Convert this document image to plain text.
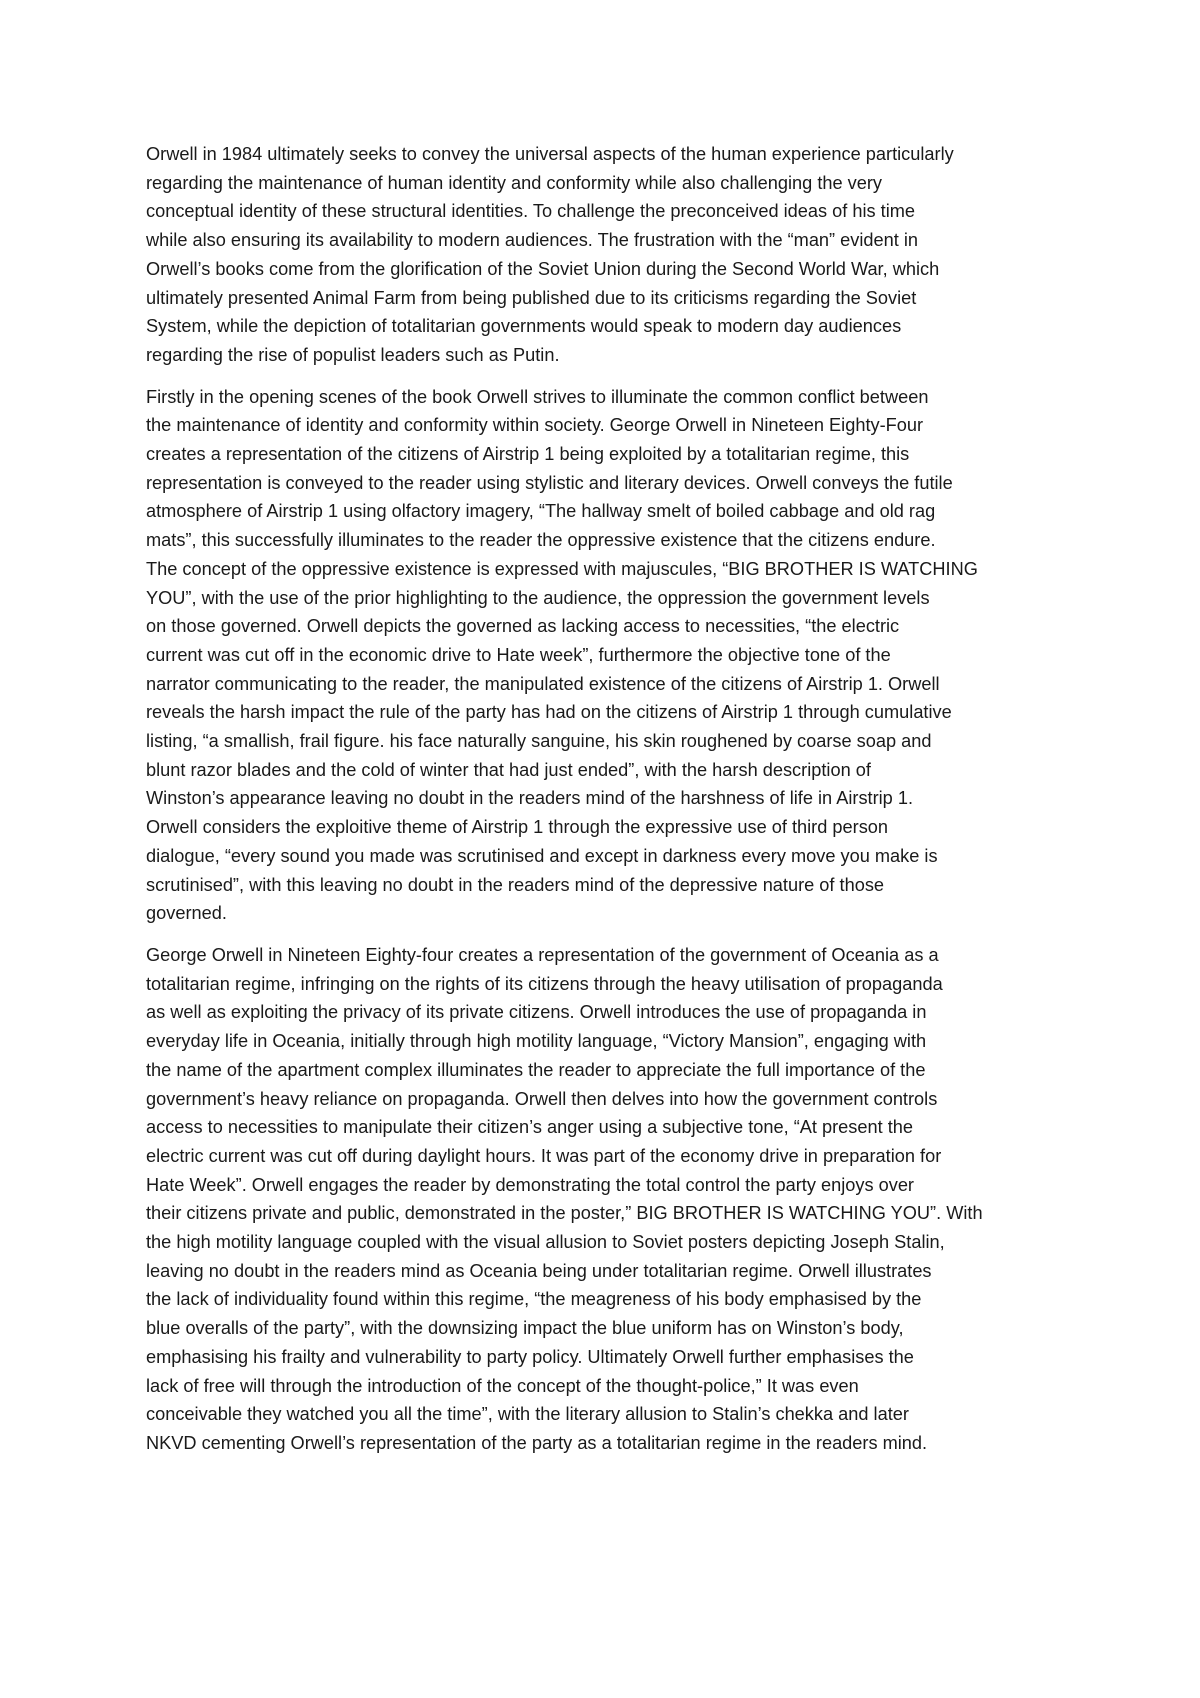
Orwell in 1984 ultimately seeks to convey the universal aspects of the human experience particularly
regarding the maintenance of human identity and conformity while also challenging the very
conceptual identity of these structural identities. To challenge the preconceived ideas of his time
while also ensuring its availability to modern audiences. The frustration with the “man” evident in
Orwell’s books come from the glorification of the Soviet Union during the Second World War, which
ultimately presented Animal Farm from being published due to its criticisms regarding the Soviet
System, while the depiction of totalitarian governments would speak to modern day audiences
regarding the rise of populist leaders such as Putin.

Firstly in the opening scenes of the book Orwell strives to illuminate the common conflict between
the maintenance of identity and conformity within society. George Orwell in Nineteen Eighty-Four
creates a representation of the citizens of Airstrip 1 being exploited by a totalitarian regime, this
representation is conveyed to the reader using stylistic and literary devices. Orwell conveys the futile
atmosphere of Airstrip 1 using olfactory imagery, “The hallway smelt of boiled cabbage and old rag
mats”, this successfully illuminates to the reader the oppressive existence that the citizens endure.
The concept of the oppressive existence is expressed with majuscules, “BIG BROTHER IS WATCHING
YOU”, with the use of the prior highlighting to the audience, the oppression the government levels
on those governed. Orwell depicts the governed as lacking access to necessities, “the electric
current was cut off in the economic drive to Hate week”, furthermore the objective tone of the
narrator communicating to the reader, the manipulated existence of the citizens of Airstrip 1. Orwell
reveals the harsh impact the rule of the party has had on the citizens of Airstrip 1 through cumulative
listing, “a smallish, frail figure. his face naturally sanguine, his skin roughened by coarse soap and
blunt razor blades and the cold of winter that had just ended”, with the harsh description of
Winston’s appearance leaving no doubt in the readers mind of the harshness of life in Airstrip 1.
Orwell considers the exploitive theme of Airstrip 1 through the expressive use of third person
dialogue, “every sound you made was scrutinised and except in darkness every move you make is
scrutinised”, with this leaving no doubt in the readers mind of the depressive nature of those
governed.

George Orwell in Nineteen Eighty-four creates a representation of the government of Oceania as a
totalitarian regime, infringing on the rights of its citizens through the heavy utilisation of propaganda
as well as exploiting the privacy of its private citizens. Orwell introduces the use of propaganda in
everyday life in Oceania, initially through high motility language, “Victory Mansion”, engaging with
the name of the apartment complex illuminates the reader to appreciate the full importance of the
government’s heavy reliance on propaganda. Orwell then delves into how the government controls
access to necessities to manipulate their citizen’s anger using a subjective tone, “At present the
electric current was cut off during daylight hours. It was part of the economy drive in preparation for
Hate Week”. Orwell engages the reader by demonstrating the total control the party enjoys over
their citizens private and public, demonstrated in the poster,” BIG BROTHER IS WATCHING YOU”. With
the high motility language coupled with the visual allusion to Soviet posters depicting Joseph Stalin,
leaving no doubt in the readers mind as Oceania being under totalitarian regime. Orwell illustrates
the lack of individuality found within this regime, “the meagreness of his body emphasised by the
blue overalls of the party”, with the downsizing impact the blue uniform has on Winston’s body,
emphasising his frailty and vulnerability to party policy. Ultimately Orwell further emphasises the
lack of free will through the introduction of the concept of the thought-police,” It was even
conceivable they watched you all the time”, with the literary allusion to Stalin’s chekka and later
NKVD cementing Orwell’s representation of the party as a totalitarian regime in the readers mind.
